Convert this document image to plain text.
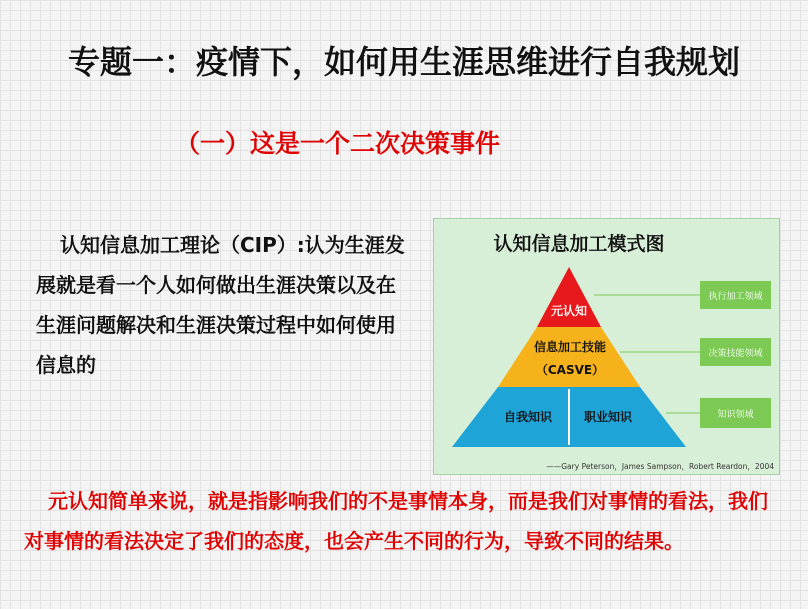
专题一：疫情下，如何用生涯思维进行自我规划
（一）这是一个二次决策事件
认知信息加工理论（CIP）:认为生涯发展就是看一个人如何做出生涯决策以及在生涯问题解决和生涯决策过程中如何使用信息的
认知信息加工模式图
元认知
信息加工技能
（CASVE）
自我知识	职业知识
执行加工领域
决策技能领域
知识领域
——Gary Peterson，James Sampson，Robert Reardon，2004
元认知简单来说，就是指影响我们的不是事情本身，而是我们对事情的看法，我们对事情的看法决定了我们的态度，也会产生不同的行为，导致不同的结果。
